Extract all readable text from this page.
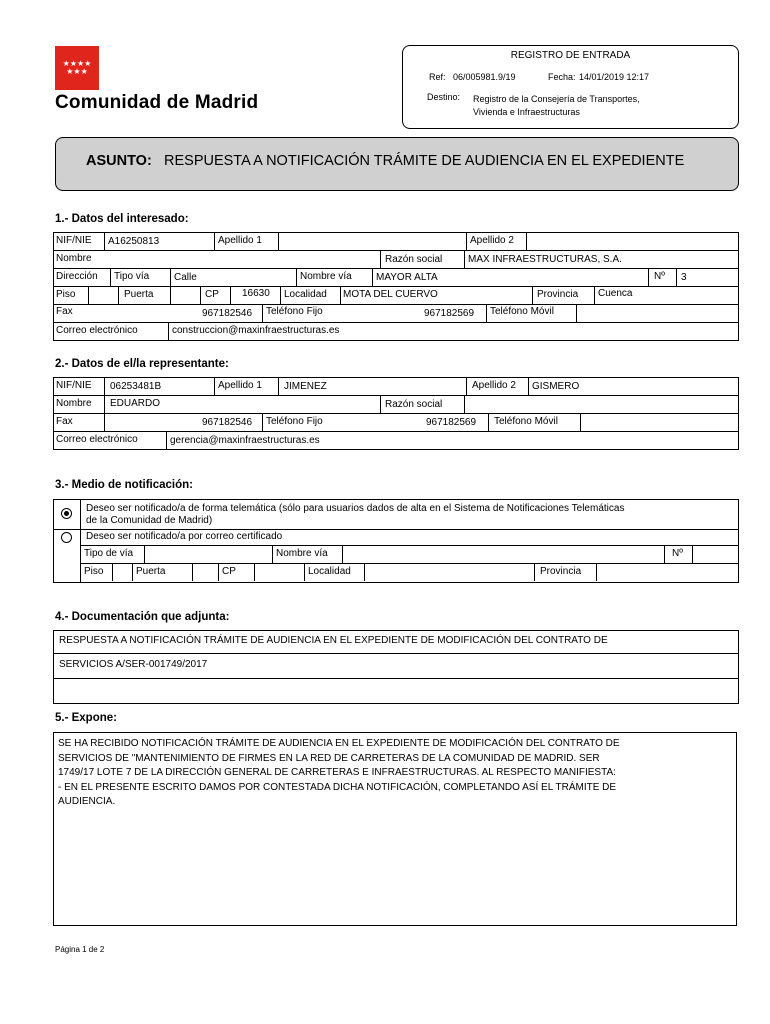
★★★★ ★★★
Comunidad de Madrid
REGISTRO DE ENTRADA
Ref: 06/005981.9/19	Fecha: 14/01/2019 12:17
Destino: Registro de la Consejería de Transportes,
Vivienda e Infraestructuras
ASUNTO: RESPUESTA A NOTIFICACIÓN TRÁMITE DE AUDIENCIA EN EL EXPEDIENTE
1.- Datos del interesado:
NIF/NIE A16250813	Apellido 1	Apellido 2
Nombre	Razón social	MAX INFRAESTRUCTURAS, S.A.
Dirección Tipo vía Calle	Nombre vía MAYOR ALTA	Nº 3
Piso	Puerta	CP 16630 Localidad MOTA DEL CUERVO	Provincia Cuenca
Fax	967182546 Teléfono Fijo	967182569 Teléfono Móvil
Correo electrónico	construccion@maxinfraestructuras.es
2.- Datos de el/la representante:
NIF/NIE 06253481B	Apellido 1 JIMENEZ	Apellido 2 GISMERO
Nombre EDUARDO	Razón social
Fax	967182546 Teléfono Fijo	967182569 Teléfono Móvil
Correo electrónico	gerencia@maxinfraestructuras.es
3.- Medio de notificación:
Deseo ser notificado/a de forma telemática (sólo para usuarios dados de alta en el Sistema de Notificaciones Telemáticas
de la Comunidad de Madrid)
Deseo ser notificado/a por correo certificado
Tipo de vía	Nombre vía	Nº
Piso	Puerta	CP	Localidad	Provincia
4.- Documentación que adjunta:
RESPUESTA A NOTIFICACIÓN TRÁMITE DE AUDIENCIA EN EL EXPEDIENTE DE MODIFICACIÓN DEL CONTRATO DE
SERVICIOS A/SER-001749/2017
5.- Expone:
SE HA RECIBIDO NOTIFICACIÓN TRÁMITE DE AUDIENCIA EN EL EXPEDIENTE DE MODIFICACIÓN DEL CONTRATO DE
SERVICIOS DE "MANTENIMIENTO DE FIRMES EN LA RED DE CARRETERAS DE LA COMUNIDAD DE MADRID. SER
1749/17 LOTE 7 DE LA DIRECCIÓN GENERAL DE CARRETERAS E INFRAESTRUCTURAS. AL RESPECTO MANIFIESTA:
- EN EL PRESENTE ESCRITO DAMOS POR CONTESTADA DICHA NOTIFICACIÓN, COMPLETANDO ASÍ EL TRÁMITE DE
AUDIENCIA.
Página 1 de 2
